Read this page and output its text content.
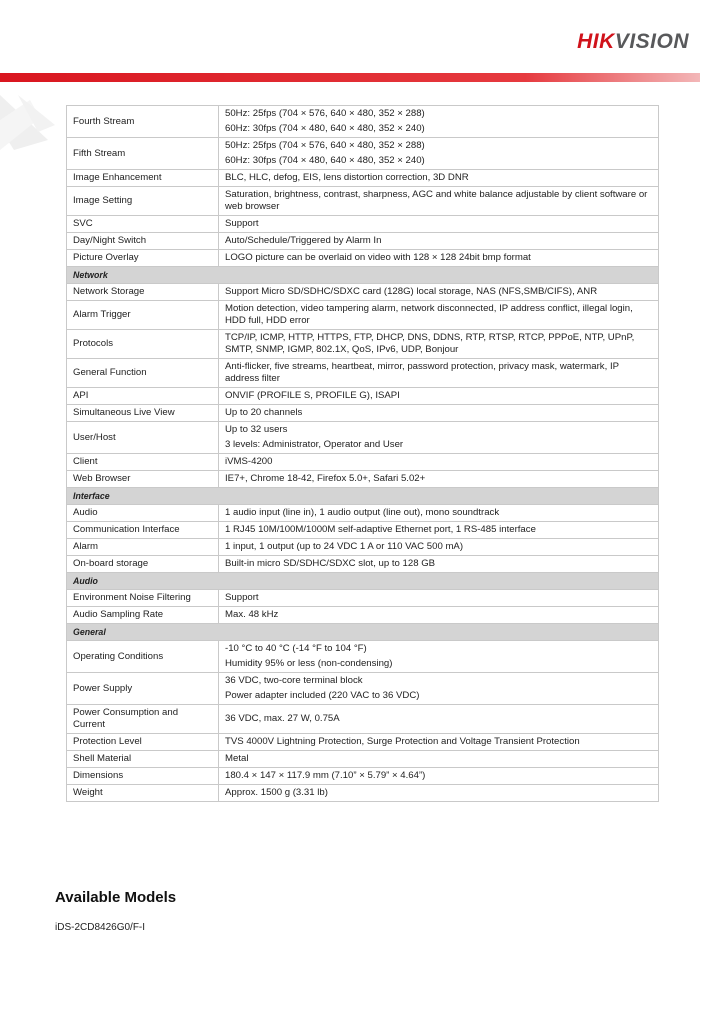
HIKVISION
Fourth Stream	50Hz: 25fps (704 × 576, 640 × 480, 352 × 288)
60Hz: 30fps (704 × 480, 640 × 480, 352 × 240)

Fifth Stream	50Hz: 25fps (704 × 576, 640 × 480, 352 × 288)
60Hz: 30fps (704 × 480, 640 × 480, 352 × 240)

Image Enhancement	BLC, HLC, defog, EIS, lens distortion correction, 3D DNR

Image Setting	Saturation, brightness, contrast, sharpness, AGC and white balance adjustable by client software or web browser

SVC	Support

Day/Night Switch	Auto/Schedule/Triggered by Alarm In

Picture Overlay	LOGO picture can be overlaid on video with 128 × 128 24bit bmp format

Network	
Network Storage	Support Micro SD/SDHC/SDXC card (128G) local storage, NAS (NFS,SMB/CIFS), ANR

Alarm Trigger	Motion detection, video tampering alarm, network disconnected, IP address conflict, illegal login, HDD full, HDD error

Protocols	TCP/IP, ICMP, HTTP, HTTPS, FTP, DHCP, DNS, DDNS, RTP, RTSP, RTCP, PPPoE, NTP, UPnP, SMTP, SNMP, IGMP, 802.1X, QoS, IPv6, UDP, Bonjour

General Function	Anti-flicker, five streams, heartbeat, mirror, password protection, privacy mask, watermark, IP address filter

API	ONVIF (PROFILE S, PROFILE G), ISAPI

Simultaneous Live View	Up to 20 channels

User/Host	Up to 32 users
3 levels: Administrator, Operator and User

Client	iVMS-4200

Web Browser	IE7+, Chrome 18-42, Firefox 5.0+, Safari 5.02+

Interface	
Audio	1 audio input (line in), 1 audio output (line out), mono soundtrack

Communication Interface	1 RJ45 10M/100M/1000M self-adaptive Ethernet port, 1 RS-485 interface

Alarm	1 input, 1 output (up to 24 VDC 1 A or 110 VAC 500 mA)

On-board storage	Built-in micro SD/SDHC/SDXC slot, up to 128 GB

Audio	
Environment Noise Filtering	Support

Audio Sampling Rate	Max. 48 kHz

General	
Operating Conditions	-10 °C to 40 °C (-14 °F to 104 °F)
Humidity 95% or less (non-condensing)

Power Supply	36 VDC, two-core terminal block
Power adapter included (220 VAC to 36 VDC)

Power Consumption and Current	36 VDC, max. 27 W, 0.75A

Protection Level	TVS 4000V Lightning Protection, Surge Protection and Voltage Transient Protection

Shell Material	Metal

Dimensions	180.4 × 147 × 117.9 mm (7.10” × 5.79” × 4.64”)

Weight	Approx. 1500 g (3.31 lb)
Available Models
iDS-2CD8426G0/F-I
